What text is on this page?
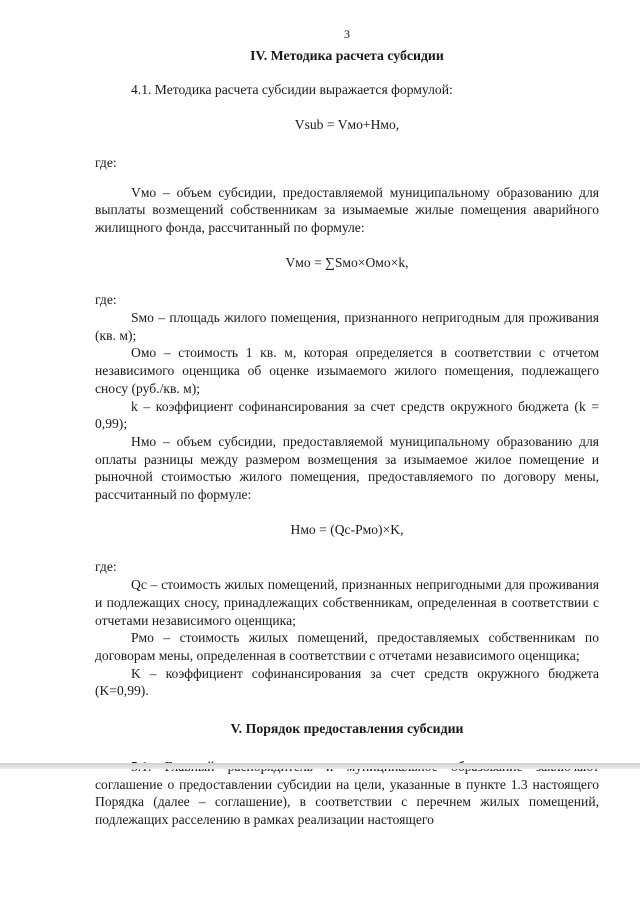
3
IV. Методика расчета субсидии

4.1. Методика расчета субсидии выражается формулой:

Vsub = Vмо+Нмо,

где:

Vмо – объем субсидии, предоставляемой муниципальному образованию для выплаты возмещений собственникам за изымаемые жилые помещения аварийного жилищного фонда, рассчитанный по формуле:

Vмо = ∑Sмо×Омо×k,

где:

Sмо – площадь жилого помещения, признанного непригодным для проживания (кв. м);

Омо – стоимость 1 кв. м, которая определяется в соответствии с отчетом независимого оценщика об оценке изымаемого жилого помещения, подлежащего сносу (руб./кв. м);

k – коэффициент софинансирования за счет средств окружного бюджета (k = 0,99);

Нмо – объем субсидии, предоставляемой муниципальному образованию для оплаты разницы между размером возмещения за изымаемое жилое помещение и рыночной стоимостью жилого помещения, предоставляемого по договору мены, рассчитанный по формуле:

Нмо = (Qс-Рмо)×K,

где:

Qс – стоимость жилых помещений, признанных непригодными для проживания и подлежащих сносу, принадлежащих собственникам, определенная в соответствии с отчетами независимого оценщика;

Рмо – стоимость жилых помещений, предоставляемых собственникам по договорам мены, определенная в соответствии с отчетами независимого оценщика;

K – коэффициент софинансирования за счет средств окружного бюджета (K=0,99).

V. Порядок предоставления субсидии

соглашение о предоставлении субсидии на цели, указанные в пункте 1.3 настоящего Порядка (далее – соглашение), в соответствии с перечнем жилых помещений, подлежащих расселению в рамках реализации настоящего
